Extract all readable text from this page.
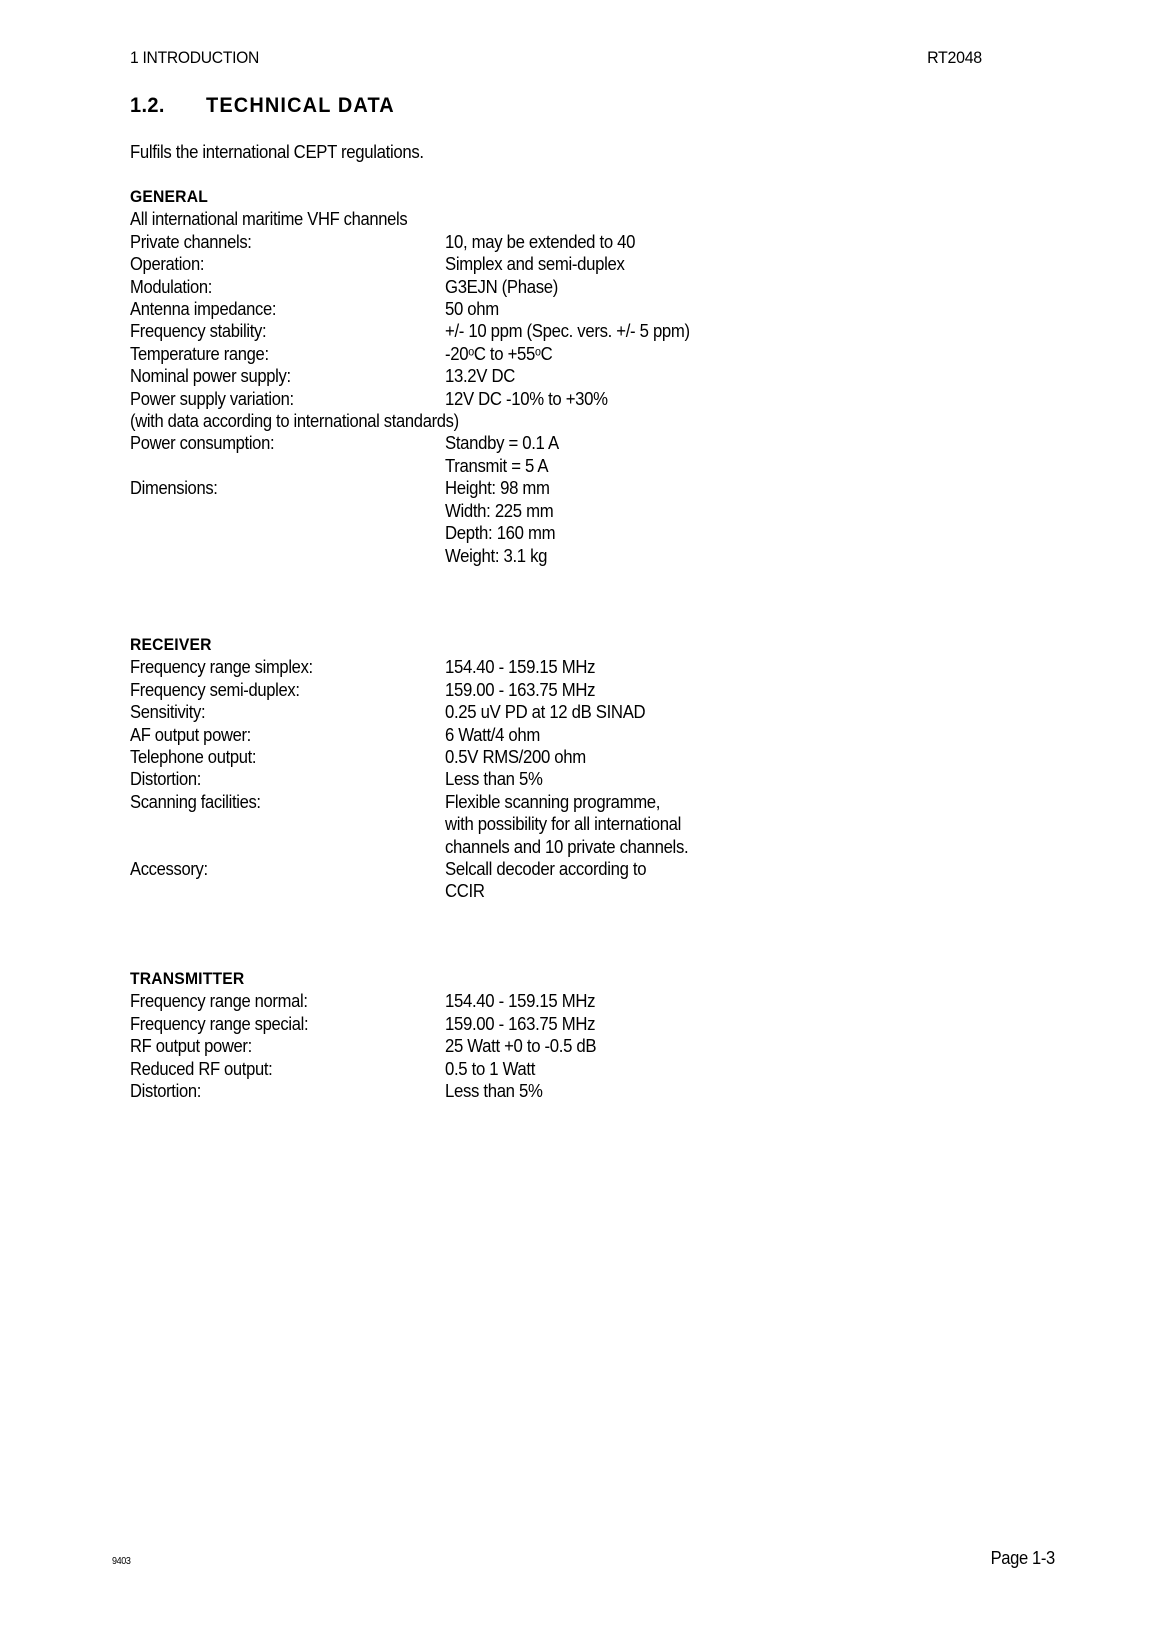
1 INTRODUCTION	RT2048
1.2. TECHNICAL DATA
Fulfils the international CEPT regulations.
GENERAL
All international maritime VHF channels
Private channels:	10, may be extended to 40
Operation:	Simplex and semi-duplex
Modulation:	G3EJN (Phase)
Antenna impedance:	50 ohm
Frequency stability:	+/- 10 ppm (Spec. vers. +/- 5 ppm)
Temperature range:	-20$^o$C to $+55^oC$
Nominal power supply:	13.2V DC
Power supply variation:	12V DC -10% to +30%
(with data according to international standards)
Power consumption:	Standby = 0.1 A
Transmit = 5 A
Dimensions:	Height: 98 mm
Width: 225 mm
Depth: 160 mm
Weight: 3.1 kg
RECEIVER
Frequency range simplex:	154.40 - 159.15 MHz
Frequency semi-duplex:	159.00 - 163.75 MHz
Sensitivity:	0.25 uV PD at 12 dB SINAD
AF output power:	6 Watt/4 ohm
Telephone output:	0.5V RMS/200 ohm
Distortion:	Less than 5%
Scanning facilities:	Flexible scanning programme,
with possibility for all international
channels and 10 private channels.
Accessory:	Selcall decoder according to
CCIR
TRANSMITTER
Frequency range normal:	154.40 - 159.15 MHz
Frequency range special:	159.00 - 163.75 MHz
RF output power:	25 Watt +0 to -0.5 dB
Reduced RF output:	0.5 to 1 Watt
Distortion:	Less than 5%
9403	Page 1-3
